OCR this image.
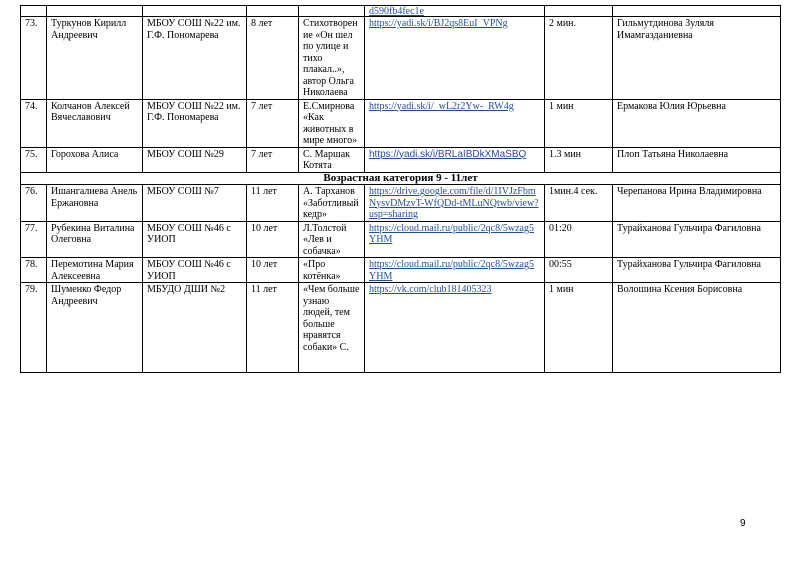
					d590fb4fec1e		
73.	Туркунов Кирилл Андреевич	МБОУ СОШ №22 им. Г.Ф. Пономарева	8 лет	Стихотворение «Он шел по улице и тихо плакал..», автор Ольга Николаева	https://yadi.sk/i/BJ2qs8EuI_VPNg	2 мин.	Гильмутдинова Зуляля Имамгазданиевна
74.	Колчанов Алексей Вячеславович	МБОУ СОШ №22 им. Г.Ф. Пономарева	7 лет	Е.Смирнова «Как животных в мире много»	https://yadi.sk/i/_wL2r2Yw-_RW4g	1 мин	Ермакова Юлия Юрьевна
75.	Горохова Алиса	МБОУ СОШ №29	7 лет	С. Маршак Котята	https://yadi.sk/i/BRLaIBDkXMaSBQ	1.3 мин	Плоп Татьяна Николаевна
Возрастная категория 9 - 11лет							
76.	Ишангалиева Анель Ержановна	МБОУ СОШ №7	11 лет	А. Тарханов «Заботливый кедр»	https://drive.google.com/file/d/1IVJzFbmNysvDMzvT-WfQDd-tMLuNQtwb/view?usp=sharing	1мин.4 сек.	Черепанова Ирина Владимировна
77.	Рубекина Виталина Олеговна	МБОУ СОШ №46 с УИОП	10 лет	Л.Толстой «Лев и собачка»	https://cloud.mail.ru/public/2qc8/5wzag5YHM	01:20	Турайханова Гульчира Фагиловна
78.	Перемотина Мария Алексеевна	МБОУ СОШ №46 с УИОП	10 лет	«Про котёнка»	https://cloud.mail.ru/public/2qc8/5wzag5YHM	00:55	Турайханова Гульчира Фагиловна
79.	Шуменко Федор Андреевич	МБУДО ДШИ №2	11 лет	«Чем больше узнаю людей, тем больше нравятся собаки» С.	https://vk.com/club181405323	1 мин	Волошина Ксения Борисовна
9
